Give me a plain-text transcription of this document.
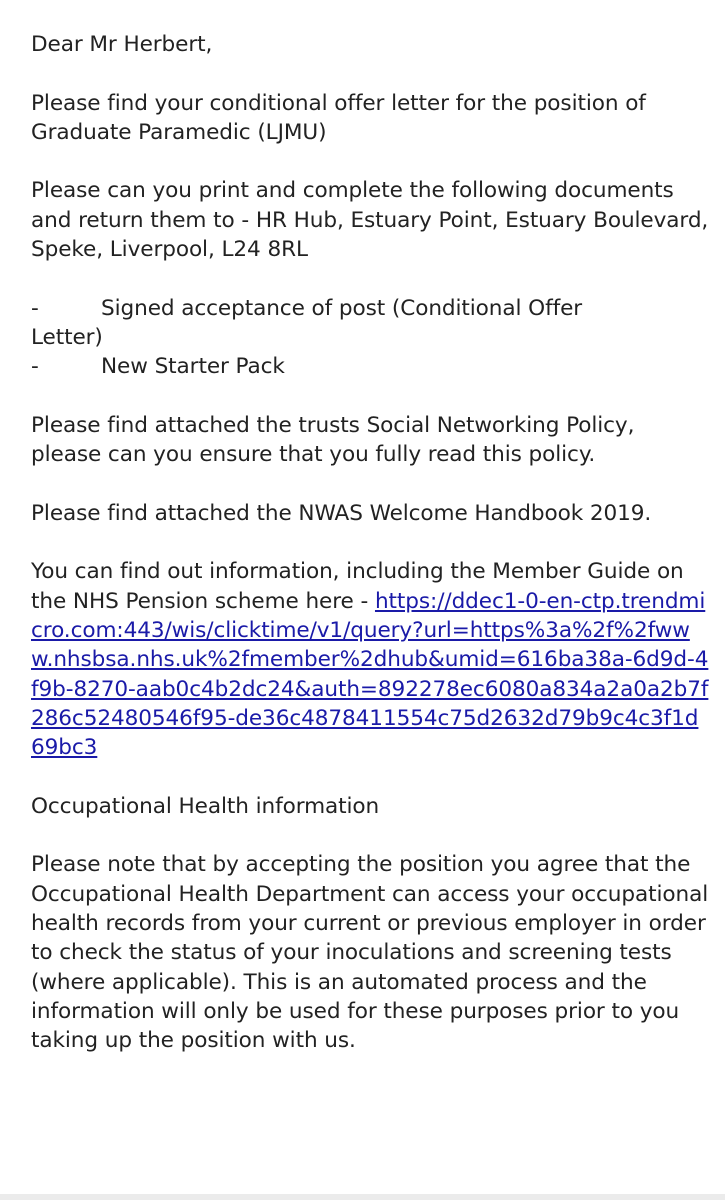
Dear Mr Herbert,

Please find your conditional offer letter for the position of Graduate Paramedic (LJMU)

Please can you print and complete the following documents and return them to - HR Hub, Estuary Point, Estuary Boulevard, Speke, Liverpool, L24 8RL

-	Signed acceptance of post (Conditional Offer
Letter)
-	New Starter Pack

Please find attached the trusts Social Networking Policy, please can you ensure that you fully read this policy.

Please find attached the NWAS Welcome Handbook 2019.

You can find out information, including the Member Guide on the NHS Pension scheme here - https://ddec1-0-en-ctp.trendmicro.com:443/wis/clicktime/v1/query?url=https%3a%2f%2fwww.nhsbsa.nhs.uk%2fmember%2dhub&umid=616ba38a-6d9d-4f9b-8270-aab0c4b2dc24&auth=892278ec6080a834a2a0a2b7f286c52480546f95-de36c4878411554c75d2632d79b9c4c3f1d69bc3

Occupational Health information

Please note that by accepting the position you agree that the Occupational Health Department can access your occupational health records from your current or previous employer in order to check the status of your inoculations and screening tests (where applicable). This is an automated process and the information will only be used for these purposes prior to you taking up the position with us.
